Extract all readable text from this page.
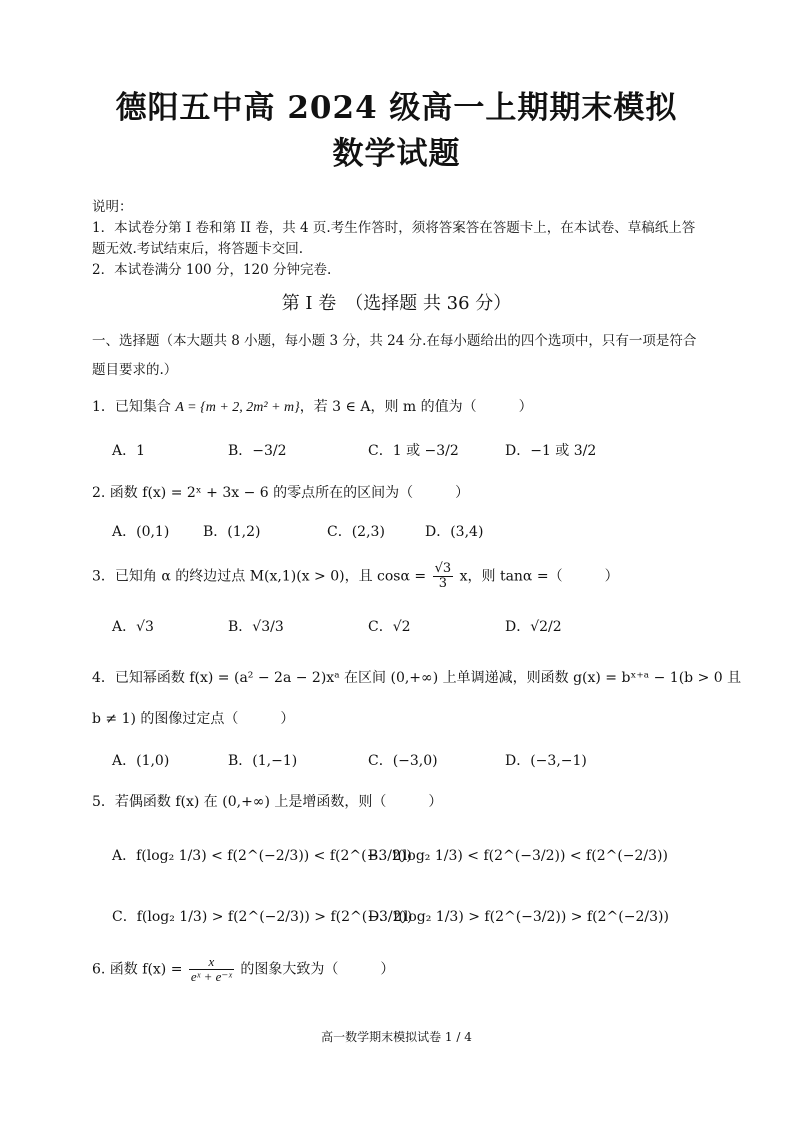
德阳五中高 2024 级高一上期期末模拟
数学试题
说明：
1．本试卷分第 I 卷和第 II 卷，共 4 页.考生作答时，须将答案答在答题卡上，在本试卷、草稿纸上答
题无效.考试结束后，将答题卡交回.
2．本试卷满分 100 分，120 分钟完卷.
第 I 卷　（选择题 共 36 分）
一、选择题（本大题共 8 小题，每小题 3 分，共 24 分.在每小题给出的四个选项中，只有一项是符合
题目要求的.）
1．已知集合 A = {m + 2, 2m² + m}，若 3 ∈ A，则 m 的值为（　　　）
A．1	B．−3/2	C．1 或 −3/2	D．−1 或 3/2
2. 函数 f(x) = 2ˣ + 3x − 6 的零点所在的区间为（　　　）
A．(0,1) B．(1,2)	C．(2,3)	D．(3,4)
3．已知角 α 的终边过点 M(x,1)(x > 0)，且 $\cos\alpha = \frac{√3}{3}$ x，则 tanα =（　　　）
A．√3	B．√3/3	C．√2	D．√2/2
4．已知幂函数 f(x) = (a² − 2a − 2)xᵃ 在区间 (0,+∞) 上单调递减，则函数 g(x) = bˣ⁺ᵃ − 1(b > 0 且
b ≠ 1) 的图像过定点（　　　）
A．(1,0)	B．(1,−1)	C．(−3,0)	D．(−3,−1)
5．若偶函数 f(x) 在 (0,+∞) 上是增函数，则（　　　）
A．f(log₂ 1/3) < f(2^(−2/3)) < f(2^(−3/2))
B．f(log₂ 1/3) < f(2^(−3/2)) < f(2^(−2/3))
C．f(log₂ 1/3) > f(2^(−2/3)) > f(2^(−3/2))
D．f(log₂ 1/3) > f(2^(−3/2)) > f(2^(−2/3))
6. 函数 $f(x) = \frac{x}{\text{eˣ + e⁻ˣ}}$ 的图象大致为（　　　）
高一数学期末模拟试卷 1 / 4
